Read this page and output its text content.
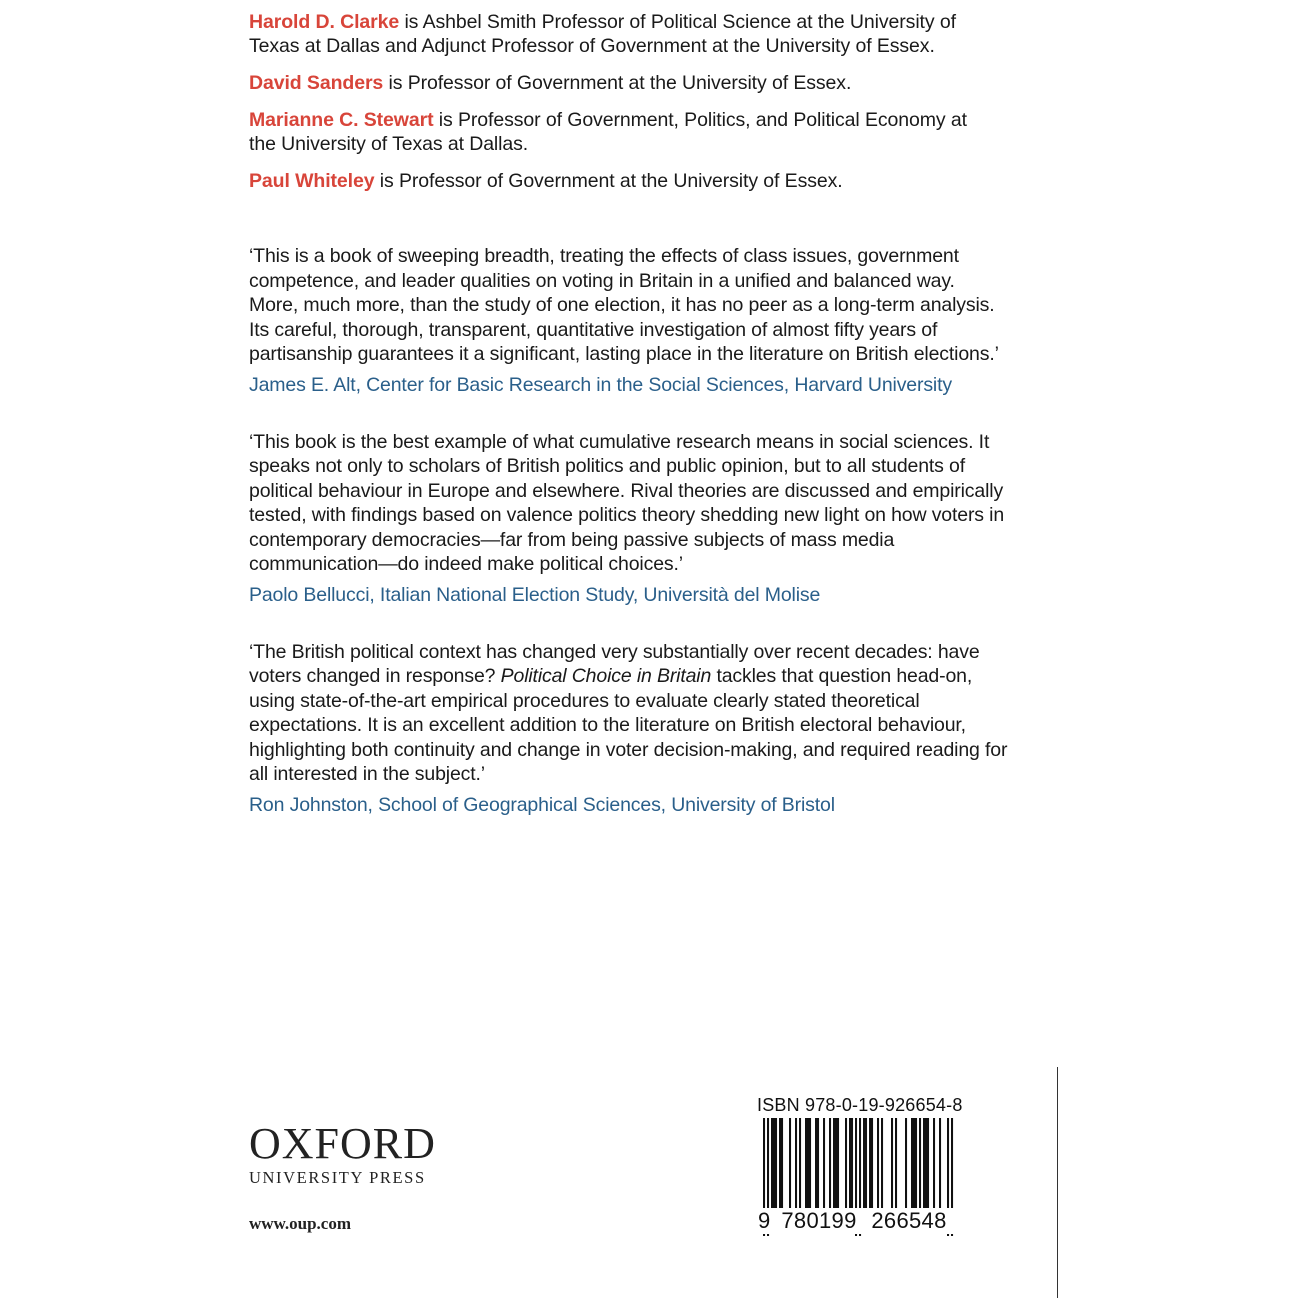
Harold D. Clarke is Ashbel Smith Professor of Political Science at the University of Texas at Dallas and Adjunct Professor of Government at the University of Essex.

David Sanders is Professor of Government at the University of Essex.

Marianne C. Stewart is Professor of Government, Politics, and Political Economy at the University of Texas at Dallas.

Paul Whiteley is Professor of Government at the University of Essex.

‘This is a book of sweeping breadth, treating the effects of class issues, government competence, and leader qualities on voting in Britain in a unified and balanced way. More, much more, than the study of one election, it has no peer as a long-term analysis. Its careful, thorough, transparent, quantitative investigation of almost fifty years of partisanship guarantees it a significant, lasting place in the literature on British elections.’

James E. Alt, Center for Basic Research in the Social Sciences, Harvard University

‘This book is the best example of what cumulative research means in social sciences. It speaks not only to scholars of British politics and public opinion, but to all students of political behaviour in Europe and elsewhere. Rival theories are discussed and empirically tested, with findings based on valence politics theory shedding new light on how voters in contemporary democracies—far from being passive subjects of mass media communication—do indeed make political choices.’

Paolo Bellucci, Italian National Election Study, Università del Molise

‘The British political context has changed very substantially over recent decades: have voters changed in response? Political Choice in Britain tackles that question head-on, using state-of-the-art empirical procedures to evaluate clearly stated theoretical expectations. It is an excellent addition to the literature on British electoral behaviour, highlighting both continuity and change in voter decision-making, and required reading for all interested in the subject.’

Ron Johnston, School of Geographical Sciences, University of Bristol

OXFORD
UNIVERSITY PRESS
www.oup.com
ISBN 978-0-19-926654-8
9 780199 266548
